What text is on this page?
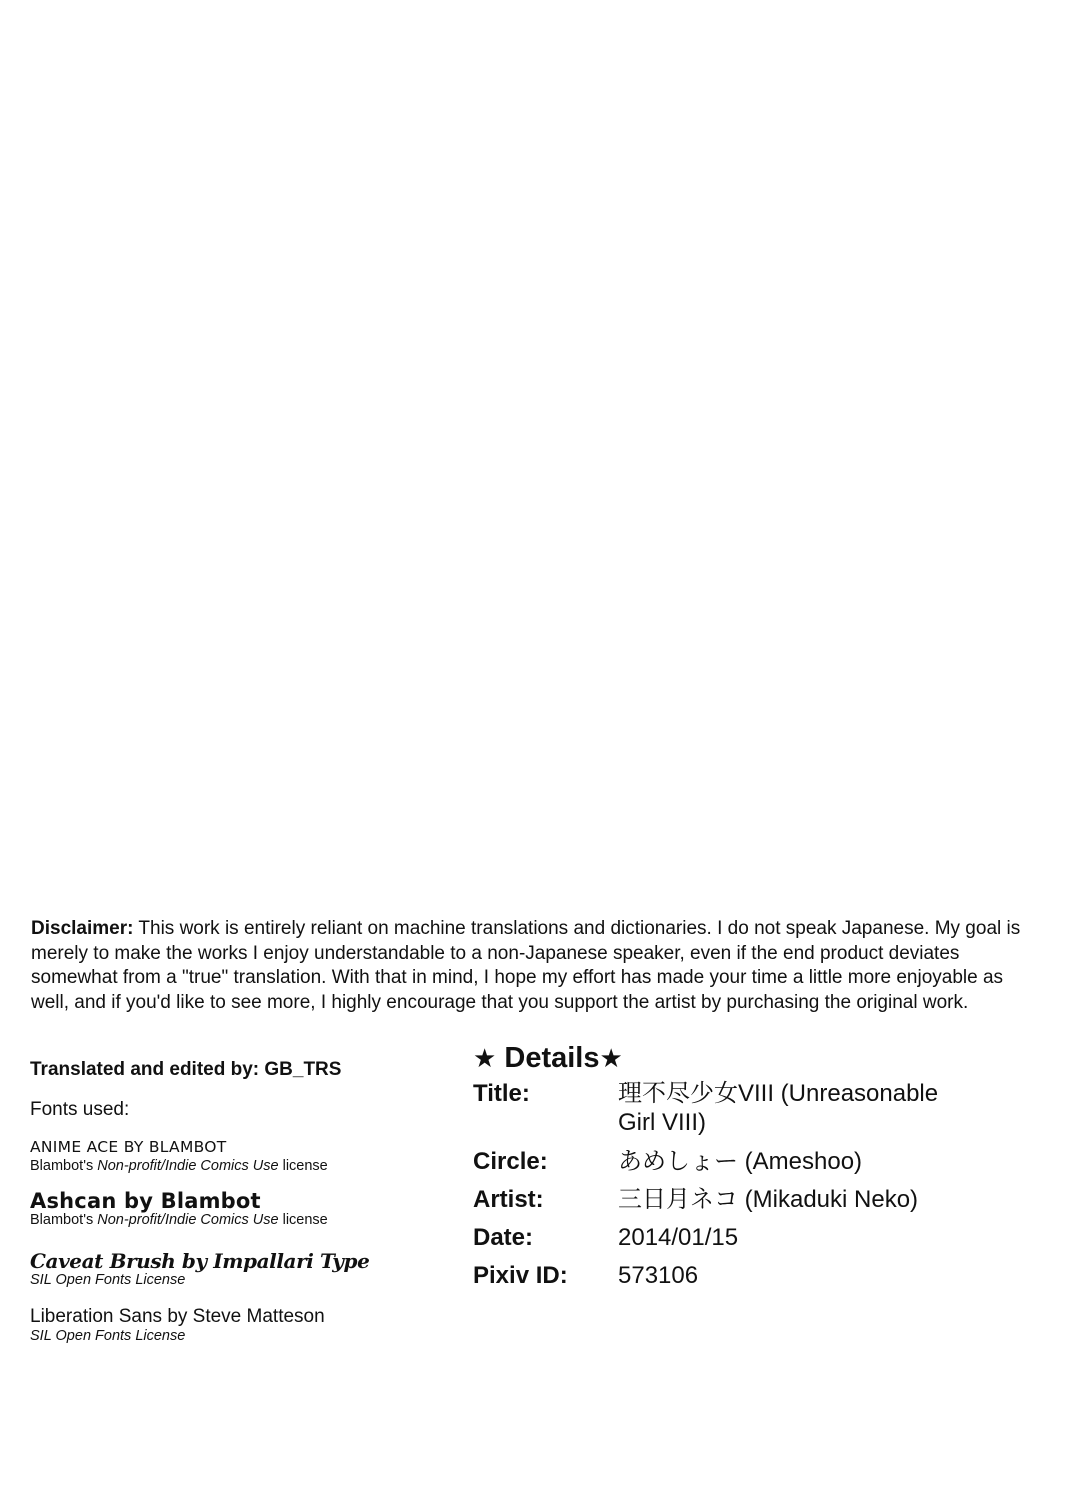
Disclaimer: This work is entirely reliant on machine translations and dictionaries. I do not speak Japanese. My goal is merely to make the works I enjoy understandable to a non-Japanese speaker, even if the end product deviates somewhat from a "true" translation. With that in mind, I hope my effort has made your time a little more enjoyable as well, and if you'd like to see more, I highly encourage that you support the artist by purchasing the original work.

Translated and edited by: GB_TRS

Fonts used:
ANIME ACE BY BLAMBOT
Blambot's Non-profit/Indie Comics Use license
Ashcan by Blambot
Blambot's Non-profit/Indie Comics Use license
Caveat Brush by Impallari Type
SIL Open Fonts License
Liberation Sans by Steve Matteson
SIL Open Fonts License
★ Details★
Title:	理不尽少女VIII (Unreasonable Girl VIII)
Circle:	あめしょー (Ameshoo)
Artist:	三日月ネコ (Mikaduki Neko)
Date:	2014/01/15
Pixiv ID:	573106
